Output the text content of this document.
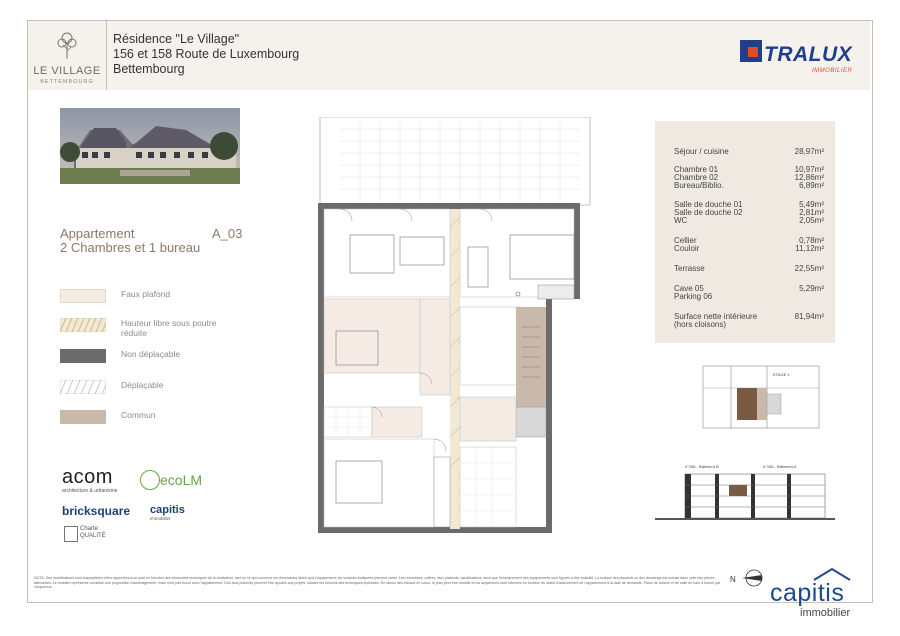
LE VILLAGE
BETTEMBOURG
Résidence "Le Village"
156 et 158 Route de Luxembourg
Bettembourg
TRALUX
IMMOBILIER
Appartement	A_03
2 Chambres et 1 bureau
Faux plafond
Hauteur libre sous poutre réduite
Non déplaçable
Déplaçable
Commun
acom
architecture & urbanisme
ecoLM
bricksquare capitis
immobilier
Charte QUALITÉ
Séjour / cuisine	28,97m²
Chambre 01	10,97m²
Chambre 02	12,86m²
Bureau/Biblio.	6,89m²
Salle de douche 01	5,49m²
Salle de douche 02	2,81m²
WC	2,05m²
Cellier	0,78m²
Couloir	11,12m²
Terrasse	22,55m²
Cave 05	5,29m²
Parking 06
Surface nette intérieure	81,94m²
(hors cloisons)
ETAGE 1
n°156 - Bâtiment B	n°156 - Bâtiment A
NOTA: Des modifications sont susceptibles d'être apportées à ce plan en fonction des nécessités techniques de la réalisation, tant en ce qui concerne les dimensions libres qu'à l'équipement; les surfaces indiquées peuvent varier. Les retombées, coffres, faux plafonds, canalisations, ainsi que l'emplacement des équipements sont figurés à titre indicatif. La surface des placards ou des dressings est incluse dans celle des pièces attenantes. Le mobilier représenté constitue une proposition d'aménagement, mais n'est pas fourni avec l'appartement. Des faux plafonds peuvent être ajoutés aux projets, suivant les besoins des techniques spéciales. En raison des travaux en cours, le plan peut être modifié et les acquéreurs sont informés en fonction du statut d'avancement de l'appartement à la date de demande. Plans de cuisine et de salle de bain à fournir par l'acquéreur.
N capitis
immobilier
